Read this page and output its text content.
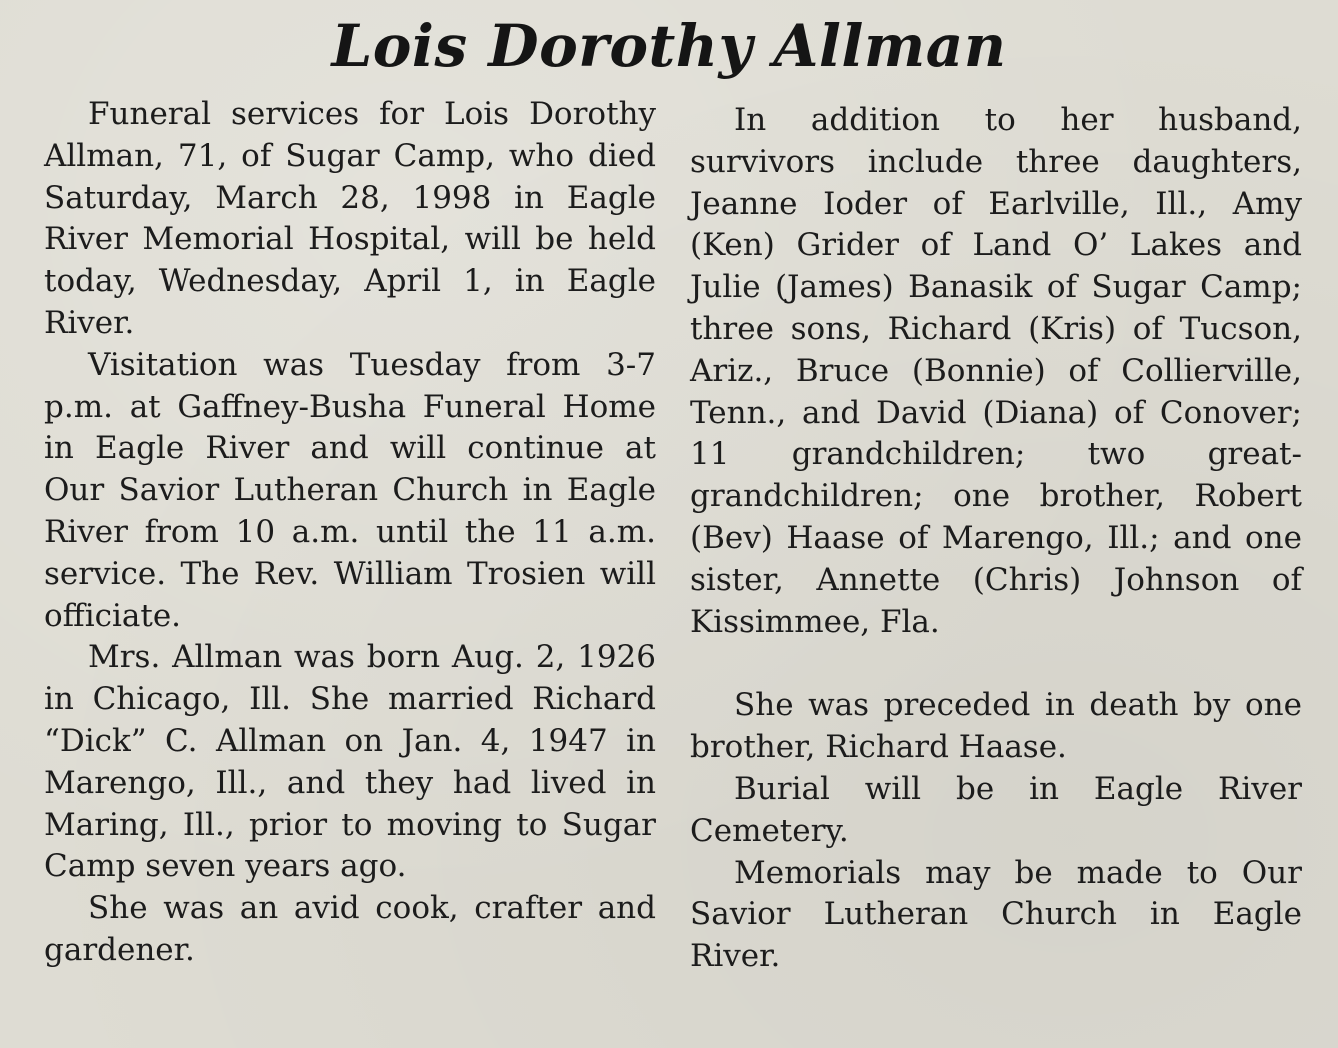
Lois Dorothy Allman

Funeral services for Lois Dorothy Allman, 71, of Sugar Camp, who died Saturday, March 28, 1998 in Eagle River Memorial Hospital, will be held today, Wednesday, April 1, in Eagle River.

Visitation was Tuesday from 3-7 p.m. at Gaffney-Busha Funeral Home in Eagle River and will continue at Our Savior Lutheran Church in Eagle River from 10 a.m. until the 11 a.m. service. The Rev. William Trosien will officiate.

Mrs. Allman was born Aug. 2, 1926 in Chicago, Ill. She married Richard “Dick” C. Allman on Jan. 4, 1947 in Marengo, Ill., and they had lived in Maring, Ill., prior to moving to Sugar Camp seven years ago.

She was an avid cook, crafter and gardener.

In addition to her husband, survivors include three daughters, Jeanne Ioder of Earlville, Ill., Amy (Ken) Grider of Land O’ Lakes and Julie (James) Banasik of Sugar Camp; three sons, Richard (Kris) of Tucson, Ariz., Bruce (Bonnie) of Collierville, Tenn., and David (Diana) of Conover; 11 grandchildren; two great-grandchildren; one brother, Robert (Bev) Haase of Marengo, Ill.; and one sister, Annette (Chris) Johnson of Kissimmee, Fla.

She was preceded in death by one brother, Richard Haase.

Burial will be in Eagle River Cemetery.

Memorials may be made to Our Savior Lutheran Church in Eagle River.
